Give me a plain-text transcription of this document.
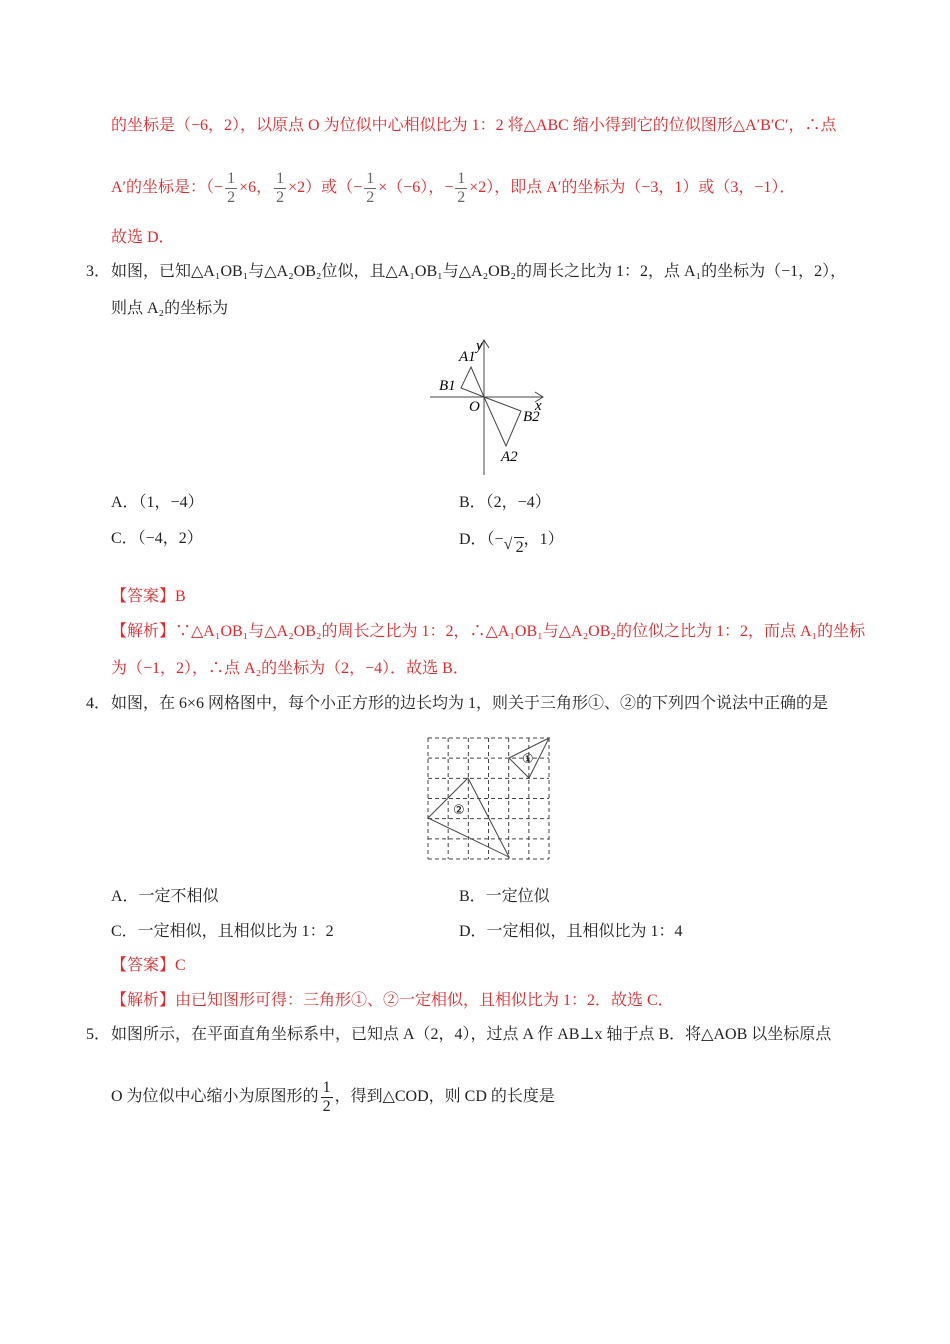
的坐标是（−6，2），以原点 O 为位似中心相似比为 1：2 将△ABC 缩小得到它的位似图形△A′B′C′，∴点
A′的坐标是：（− $\frac{1}{2} \times 6$， $\frac{1}{2} \times 2$）或（− $\frac{1}{2} \times(-6)$，− $\frac{1}{2} \times 2$），即点 A′的坐标为（−3，1）或（3，−1）．
故选 D．
3． 如图，已知△A₁OB₁与△A₂OB₂位似，且△A₁OB₁与△A₂OB₂的周长之比为 1：2，点 A₁的坐标为（−1，2），
则点 A₂的坐标为
y
A1
B1
O	x
B2
A2
A．（1，−4）	B．（2，−4）
C．（−4，2）	D．（− √ 2，1）
【答案】B
【解析】∵△A₁OB₁与△A₂OB₂的周长之比为 1：2，∴△A₁OB₁与△A₂OB₂的位似之比为 1：2，而点 A₁的坐标
为（−1，2），∴点 A₂的坐标为（2，−4）．故选 B．
4． 如图，在 6×6 网格图中，每个小正方形的边长均为 1，则关于三角形①、②的下列四个说法中正确的是
①
②
A．一定不相似	B．一定位似
C．一定相似，且相似比为 1：2	D．一定相似，且相似比为 1：4
【答案】C
【解析】由已知图形可得：三角形①、②一定相似，且相似比为 1：2．故选 C．
5． 如图所示，在平面直角坐标系中，已知点 A（2，4），过点 A 作 AB⊥x 轴于点 B．将△AOB 以坐标原点
O 为位似中心缩小为原图形的 $\frac{1}{2}$ ，得到△COD，则 CD 的长度是
